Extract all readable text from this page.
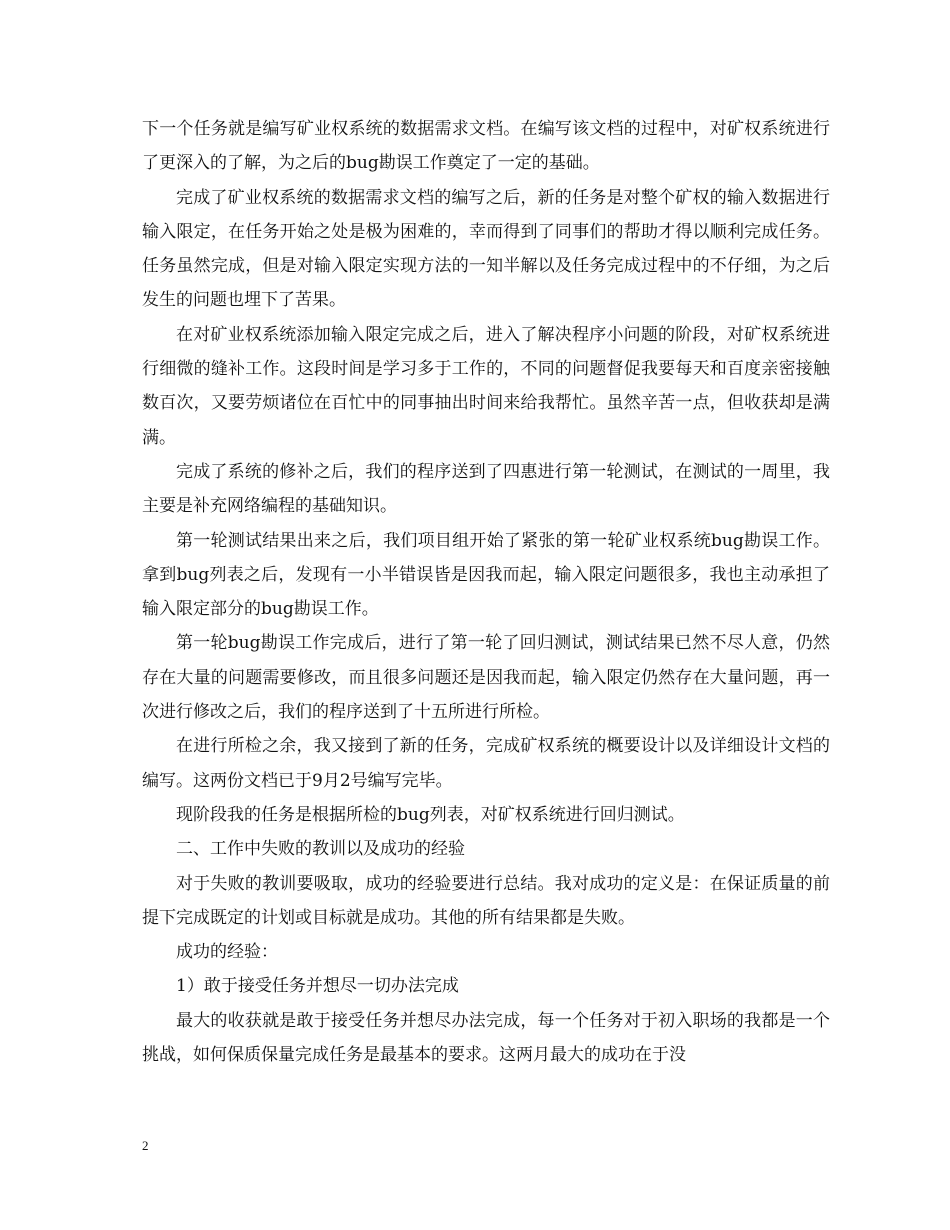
下一个任务就是编写矿业权系统的数据需求文档。在编写该文档的过程中，对矿权系统进行了更深入的了解，为之后的bug勘误工作奠定了一定的基础。

完成了矿业权系统的数据需求文档的编写之后，新的任务是对整个矿权的输入数据进行输入限定，在任务开始之处是极为困难的，幸而得到了同事们的帮助才得以顺利完成任务。任务虽然完成，但是对输入限定实现方法的一知半解以及任务完成过程中的不仔细，为之后发生的问题也埋下了苦果。

在对矿业权系统添加输入限定完成之后，进入了解决程序小问题的阶段，对矿权系统进行细微的缝补工作。这段时间是学习多于工作的，不同的问题督促我要每天和百度亲密接触数百次，又要劳烦诸位在百忙中的同事抽出时间来给我帮忙。虽然辛苦一点，但收获却是满满。

完成了系统的修补之后，我们的程序送到了四惠进行第一轮测试，在测试的一周里，我主要是补充网络编程的基础知识。

第一轮测试结果出来之后，我们项目组开始了紧张的第一轮矿业权系统bug勘误工作。拿到bug列表之后，发现有一小半错误皆是因我而起，输入限定问题很多，我也主动承担了输入限定部分的bug勘误工作。

第一轮bug勘误工作完成后，进行了第一轮了回归测试，测试结果已然不尽人意，仍然存在大量的问题需要修改，而且很多问题还是因我而起，输入限定仍然存在大量问题，再一次进行修改之后，我们的程序送到了十五所进行所检。

在进行所检之余，我又接到了新的任务，完成矿权系统的概要设计以及详细设计文档的编写。这两份文档已于9月2号编写完毕。

现阶段我的任务是根据所检的bug列表，对矿权系统进行回归测试。

二、工作中失败的教训以及成功的经验

对于失败的教训要吸取，成功的经验要进行总结。我对成功的定义是：在保证质量的前提下完成既定的计划或目标就是成功。其他的所有结果都是失败。

成功的经验：

1）敢于接受任务并想尽一切办法完成

最大的收获就是敢于接受任务并想尽办法完成，每一个任务对于初入职场的我都是一个挑战，如何保质保量完成任务是最基本的要求。这两月最大的成功在于没

2
